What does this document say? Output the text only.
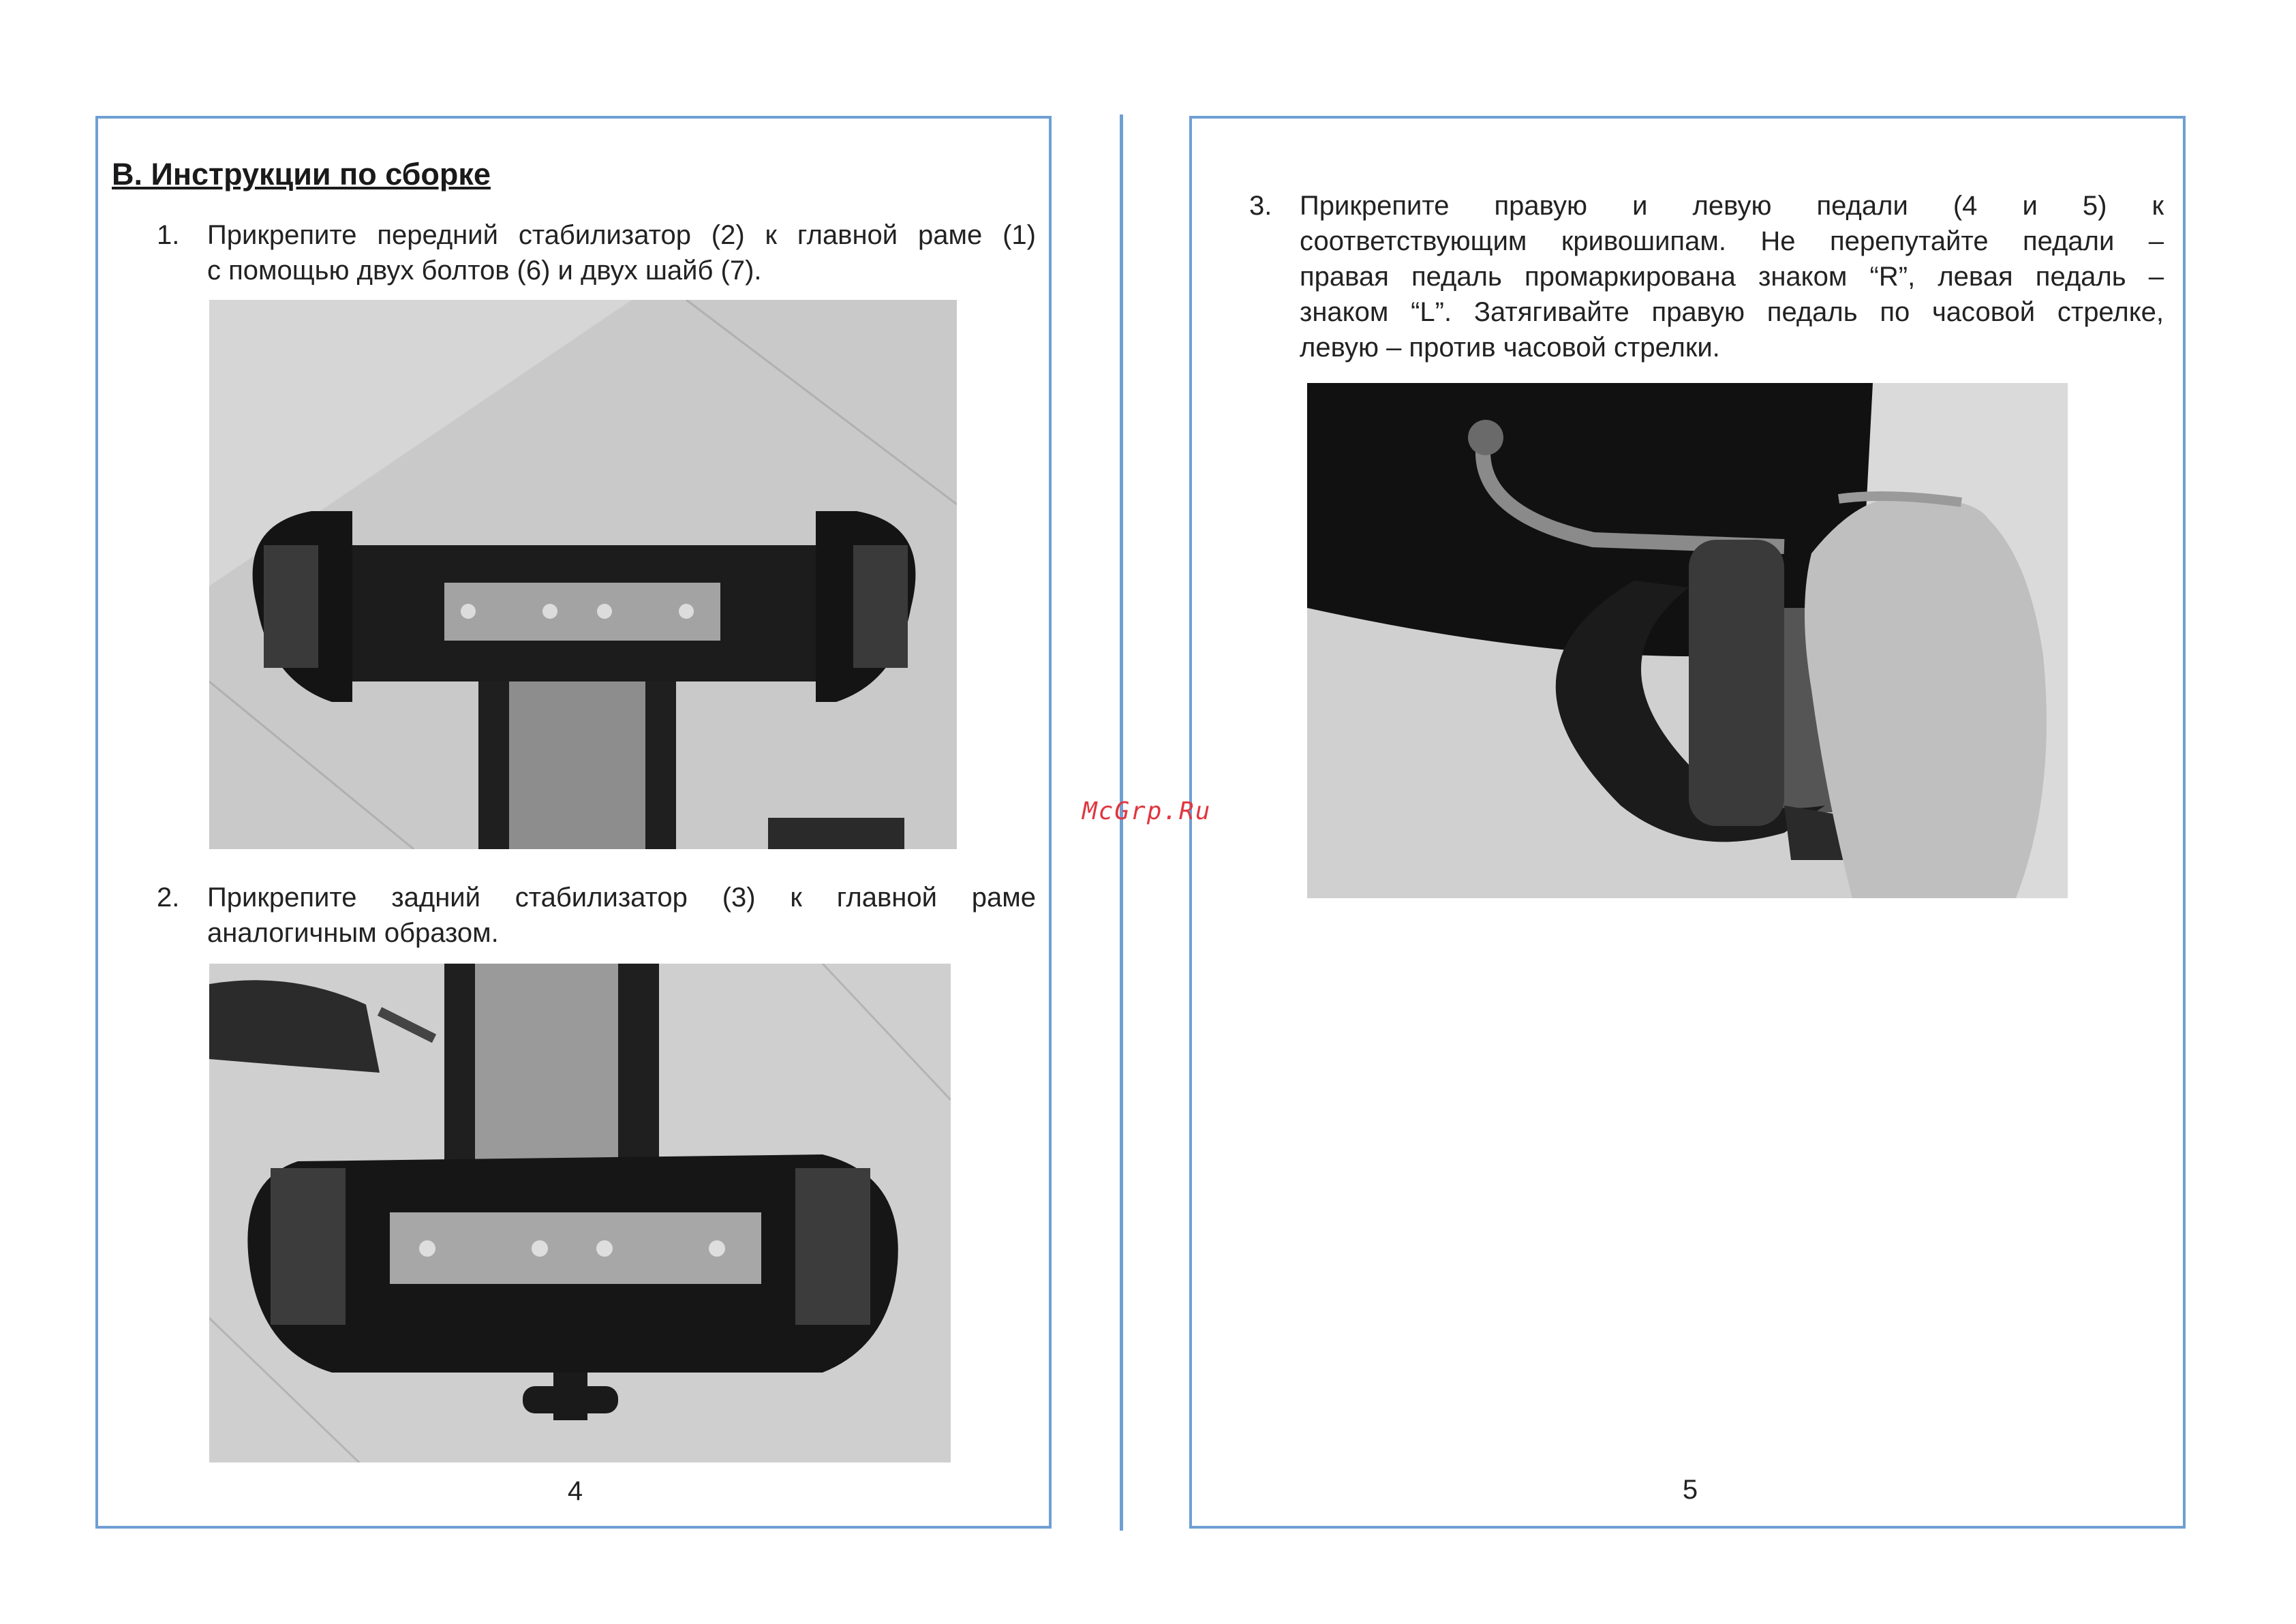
В. Инструкции по сборке
1. Прикрепите передний стабилизатор (2) к главной раме (1)
с помощью двух болтов (6) и двух шайб (7).
2. Прикрепите задний стабилизатор (3) к главной раме
аналогичным образом.
4
3. Прикрепите правую и левую педали (4 и 5) к
соответствующим кривошипам. Не перепутайте педали –
правая педаль промаркирована знаком “R”, левая педаль –
знаком “L”. Затягивайте правую педаль по часовой стрелке,
левую – против часовой стрелки.
5
McGrp.Ru
